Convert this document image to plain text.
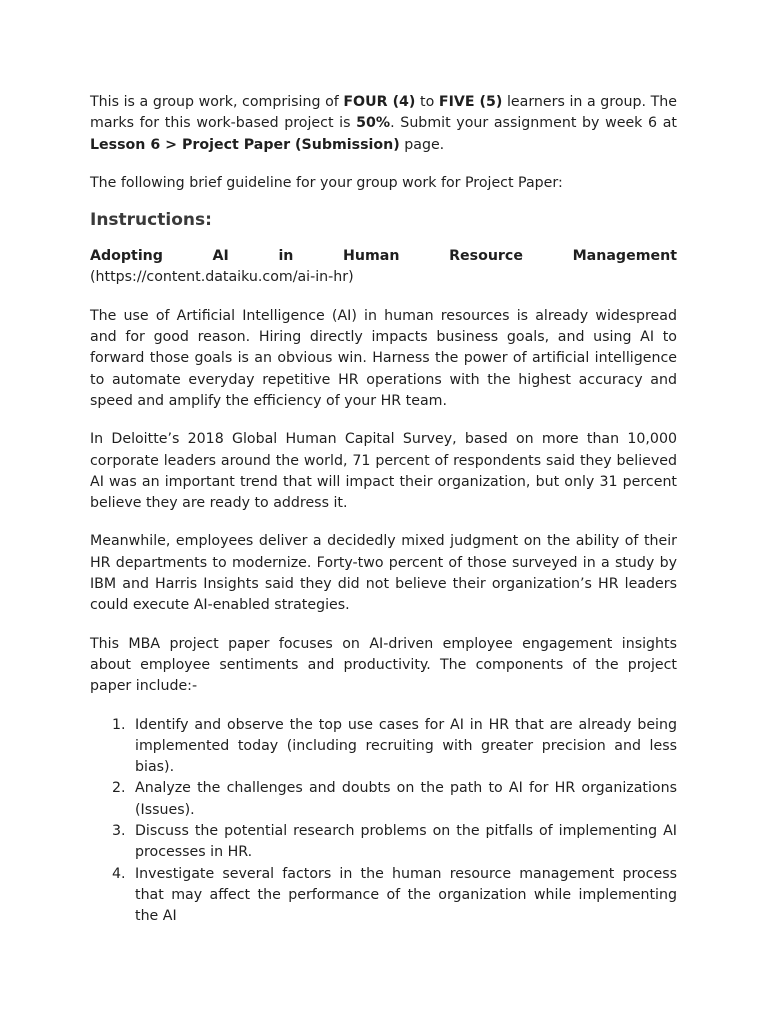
This is a group work, comprising of FOUR (4) to FIVE (5) learners in a group. The marks for this work-based project is 50%. Submit your assignment by week 6 at Lesson 6 > Project Paper (Submission) page.

The following brief guideline for your group work for Project Paper:

Instructions:

Adopting AI in Human Resource Management (https://content.dataiku.com/ai-in-hr)

The use of Artificial Intelligence (AI) in human resources is already widespread and for good reason. Hiring directly impacts business goals, and using AI to forward those goals is an obvious win. Harness the power of artificial intelligence to automate everyday repetitive HR operations with the highest accuracy and speed and amplify the efficiency of your HR team.

In Deloitte’s 2018 Global Human Capital Survey, based on more than 10,000 corporate leaders around the world, 71 percent of respondents said they believed AI was an important trend that will impact their organization, but only 31 percent believe they are ready to address it.

Meanwhile, employees deliver a decidedly mixed judgment on the ability of their HR departments to modernize. Forty-two percent of those surveyed in a study by IBM and Harris Insights said they did not believe their organization’s HR leaders could execute AI-enabled strategies.

This MBA project paper focuses on AI-driven employee engagement insights about employee sentiments and productivity. The components of the project paper include:-

1. Identify and observe the top use cases for AI in HR that are already being implemented today (including recruiting with greater precision and less bias).
2. Analyze the challenges and doubts on the path to AI for HR organizations (Issues).
3. Discuss the potential research problems on the pitfalls of implementing AI processes in HR.
4. Investigate several factors in the human resource management process that may affect the performance of the organization while implementing the AI
